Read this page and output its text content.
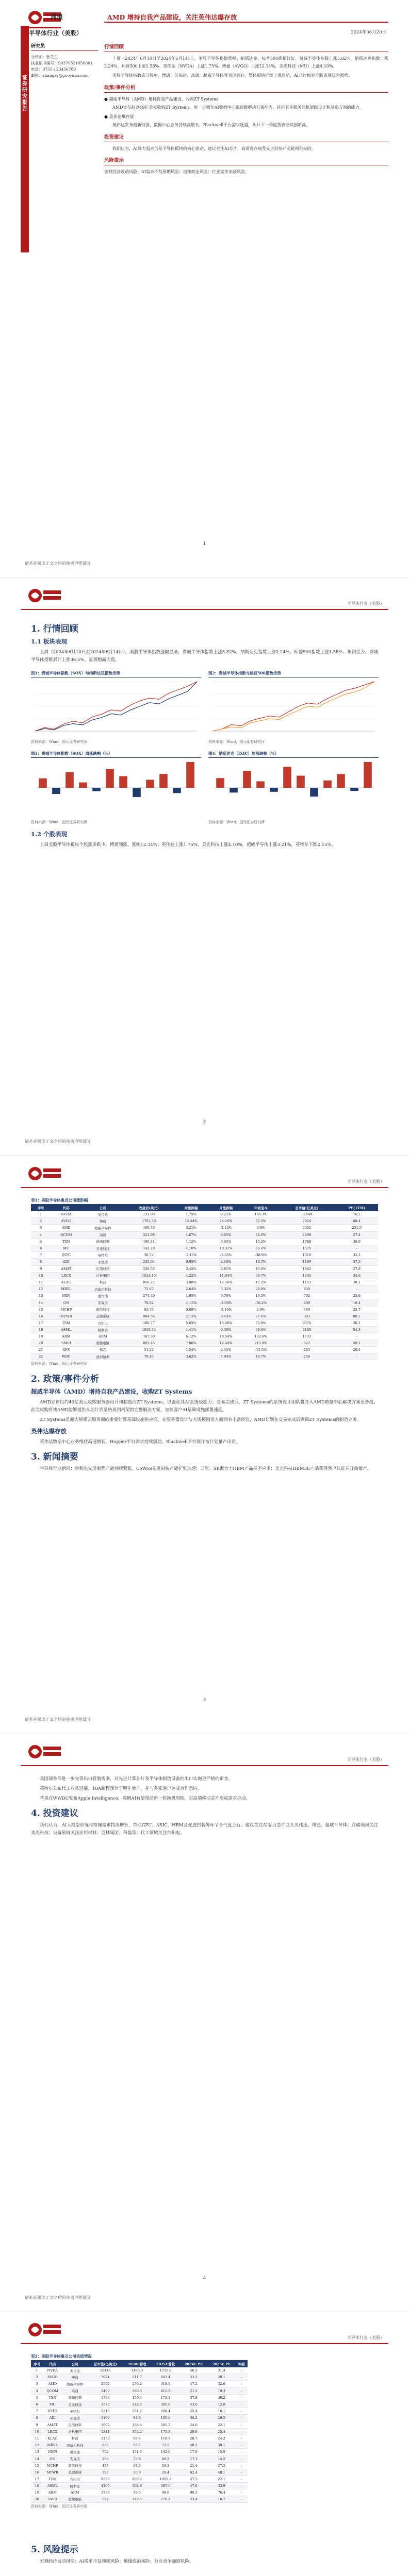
周报	AMD 增持自我产品建设，关注英伟达爆存放
半导体行业（美股）	2024年06月20日
证券研究报告
研究员
分析师：张先生
执业证书编号：S0370521050001
电话：0755-123456789
邮箱：zhangxs@guoyuan.com
行情回顾
上周（2024年6月10日至2024年6月14日），美股半导体指数涨幅、纳斯达克、标普500涨幅较好，费城半导体指数上涨5.82%，纳斯达克指数上涨3.24%，标普500上涨1.58%。英伟达（NVDA）上涨1.75%、博通（AVGO）上涨12.34%，美光科技（MU）上涨4.10%。
美股半导体指数成分股中，博通、英伟达、高通、超威半导体等表现较好，整体板块延续上涨趋势，AI芯片相关个股表现较为强势。
政策/事件分析
● 超威半导体（AMD）增持自我产品建设，收购ZT Systems
AMD宣布拟以49亿美元收购ZT Systems，进一步强化AI数据中心系统级解决方案能力，补足其在服务器机架级设计和制造方面的能力。
● 英伟达爆存放
英伟达发布最新财报，数据中心业务持续高增长，Blackwell平台需求旺盛，预计下一季度营收继续创新高。
投资建议
我们认为，AI算力需求仍是半导体板块的核心驱动，建议关注AI芯片、高带宽存储及先进封装产业链相关标的。
风险提示
宏观经济波动风险；AI需求不及预期风险；地缘政治风险；行业竞争加剧风险。
请务必阅读正文之后的免责声明部分
1
半导体行业（美股）
1. 行情回顾
1.1 板块表现
上周（2024年6月10日至2024年6月14日），美股半导体指数涨幅显著，费城半导体指数上涨5.82%，纳斯达克指数上涨3.24%，标普500指数上涨1.58%。年初至今，费城半导体指数累计上涨36.5%，显著跑赢大盘。
图1：费城半导体指数（SOX）与纳斯达克指数走势
资料来源：Wind，国元证券研究所
图2：费城半导体指数与标普500指数走势
资料来源：Wind，国元证券研究所
图3：费城半导体指数（SOX）周涨跌幅（%）
资料来源：Wind，国元证券研究所
图4：纳斯达克（IXIC）周涨跌幅（%）
资料来源：Wind，国元证券研究所
1.2 个股表现
上周美股半导体板块个股涨多跌少，博通领涨，涨幅12.34%；英伟达上涨1.75%，美光科技上涨4.10%，超威半导体上涨3.21%，英特尔下跌2.15%。
请务必阅读正文之后的免责声明部分
2
半导体行业（美股）
表1：美股半导体重点公司涨跌幅
序号	代码	公司	收盘价(美元)	周涨跌幅	月涨跌幅	年初至今	总市值(亿美元)	PE(TTM)
1	NVDA	英伟达	131.88	1.75%	8.21%	166.3%	32440	76.2
2	AVGO	博通	1702.30	12.34%	24.16%	52.5%	7924	68.4
3	AMD	超威半导体	160.35	3.21%	-3.12%	8.8%	2592	231.5
4	QCOM	高通	223.98	4.87%	9.65%	54.9%	2499	27.4
5	TXN	德州仪器	196.41	1.12%	0.65%	15.2%	1788	30.9
6	MU	美光科技	142.20	4.10%	10.32%	66.6%	1575	-
7	INTC	英特尔	30.72	-2.15%	-1.35%	-38.9%	1310	32.1
8	ADI	亚德诺	235.64	0.95%	2.10%	18.7%	1169	57.3
9	AMAT	应用材料	236.55	3.45%	9.81%	45.9%	1962	27.8
10	LRCX	泛林集团	1024.10	4.22%	11.04%	30.7%	1341	34.6
11	KLAC	科磊	858.27	3.98%	12.56%	47.2%	1153	39.1
12	MRVL	迈威尔科技	72.87	2.64%	5.32%	20.8%	630	-
13	NXPI	恩智浦	274.49	1.05%	0.76%	19.5%	702	25.6
14	ON	安森美	70.02	-0.35%	-3.66%	-16.2%	299	16.4
15	MCHP	微芯科技	92.76	0.88%	-2.16%	2.9%	499	25.7
16	MPWR	芯源系统	804.56	2.12%	6.43%	27.6%	393	88.2
17	TSM	台积电	180.77	5.65%	15.48%	73.8%	9376	30.1
18	ASML	阿斯麦	1056.34	4.41%	9.38%	39.6%	4165	54.3
19	ARM	ARM	167.30	6.12%	18.54%	122.6%	1733	-
20	SMCI	超微电脑	892.45	7.86%	12.44%	213.9%	522	49.1
21	GFS	格芯	51.22	1.54%	2.35%	-15.5%	283	28.4
22	WDC	西部数据	78.40	3.62%	7.94%	49.7%	256	-
资料来源：Wind，国元证券研究所
2. 政策/事件分析
超威半导体（AMD）增持自我产品建设，收购ZT Systems
AMD宣布以约49亿美元收购服务器设计和制造商ZT Systems，以强化其AI系统级能力。交易完成后，ZT Systems的系统设计团队将并入AMD数据中心解决方案业务组。此次收购将使AMD能够提供从芯片到系统再到机架的完整解决方案，加快客户AI基础设施部署速度。
ZT Systems是超大规模云服务商的重要计算基础设施供应商，在服务器设计与大规模制造方面拥有丰富经验，AMD计划在交易完成后剥离ZT Systems的制造业务。
英伟达爆存放
英伟达数据中心业务维持高速增长，Hopper平台需求持续强劲，Blackwell平台预计按计划量产出货。
3. 新闻摘要
半导体行业新闻：台积电先进制程产能持续紧张，CoWoS先进封装产能扩张加速；三星、SK海力士HBM产品供不应求；美光科技HBM3E产品获得客户认证并开始量产。
请务必阅读正文之后的免责声明部分
3
半导体行业（美股）
美国商务部进一步完善出口管制规则，对先进计算芯片及半导体制造设备的出口实施更严格的审查。
英特尔公布代工业务进展，18A制程预计于明年量产，并与多家客户达成合作意向。
苹果在WWDC发布Apple Intelligence，端侧AI有望带动新一轮换机周期，对高端移动芯片形成需求拉动。
4. 投资建议
我们认为，AI大模型训练与推理需求持续增长，带动GPU、ASIC、HBM及先进封装等环节景气度上行。建议关注AI算力芯片龙头英伟达、博通、超威半导体；存储领域关注美光科技；设备领域关注应用材料、泛林集团、科磊等；代工领域关注台积电。
请务必阅读正文之后的免责声明部分
4
半导体行业（美股）
表2：美股半导体重点公司估值情况
序号	代码	公司	总市值(亿美元)	2024E营收	2025E营收	2024E PE	2025E PE	评级
1	NVDA	英伟达	32440	1186.3	1755.8	46.3	31.4	-
2	AVGO	博通	7924	511.7	602.4	33.5	28.1	-
3	AMD	超威半导体	2592	256.2	318.9	47.2	32.6	-
4	QCOM	高通	2499	380.5	412.3	21.5	19.3	-
5	TXN	德州仪器	1788	156.4	172.1	37.8	30.2	-
6	MU	美光科技	1575	248.5	385.6	43.6	12.8	-
7	INTC	英特尔	1310	551.2	600.4	25.4	16.1	-
8	ADI	亚德诺	1169	94.6	105.8	36.2	29.5	-
9	AMAT	应用材料	1962	268.4	291.5	24.6	22.1	-
10	LRCX	泛林集团	1341	153.2	175.3	29.8	25.4	-
11	KLAC	科磊	1153	99.4	110.3	28.7	24.2	-
12	MRVL	迈威尔科技	630	55.7	72.5	48.2	30.1	-
13	NXPI	恩智浦	702	131.5	142.6	17.9	15.8	-
14	ON	安森美	299	73.8	80.2	17.1	14.5	-
15	MCHP	微芯科技	499	64.5	59.3	21.4	27.5	-
16	MPWR	芯源系统	393	20.9	26.4	62.4	48.1	-
17	TSM	台积电	9376	869.4	1055.2	27.3	22.1	-
18	ASML	阿斯麦	4165	302.6	387.5	47.6	33.9	-
19	ARM	ARM	1733	39.5	48.6	99.3	76.4	-
20	SMCI	超微电脑	522	149.6	226.3	23.4	16.7	-
资料来源：Wind，国元证券研究所
5. 风险提示
宏观经济波动风险；AI需求不及预期风险；地缘政治风险；行业竞争加剧风险。
